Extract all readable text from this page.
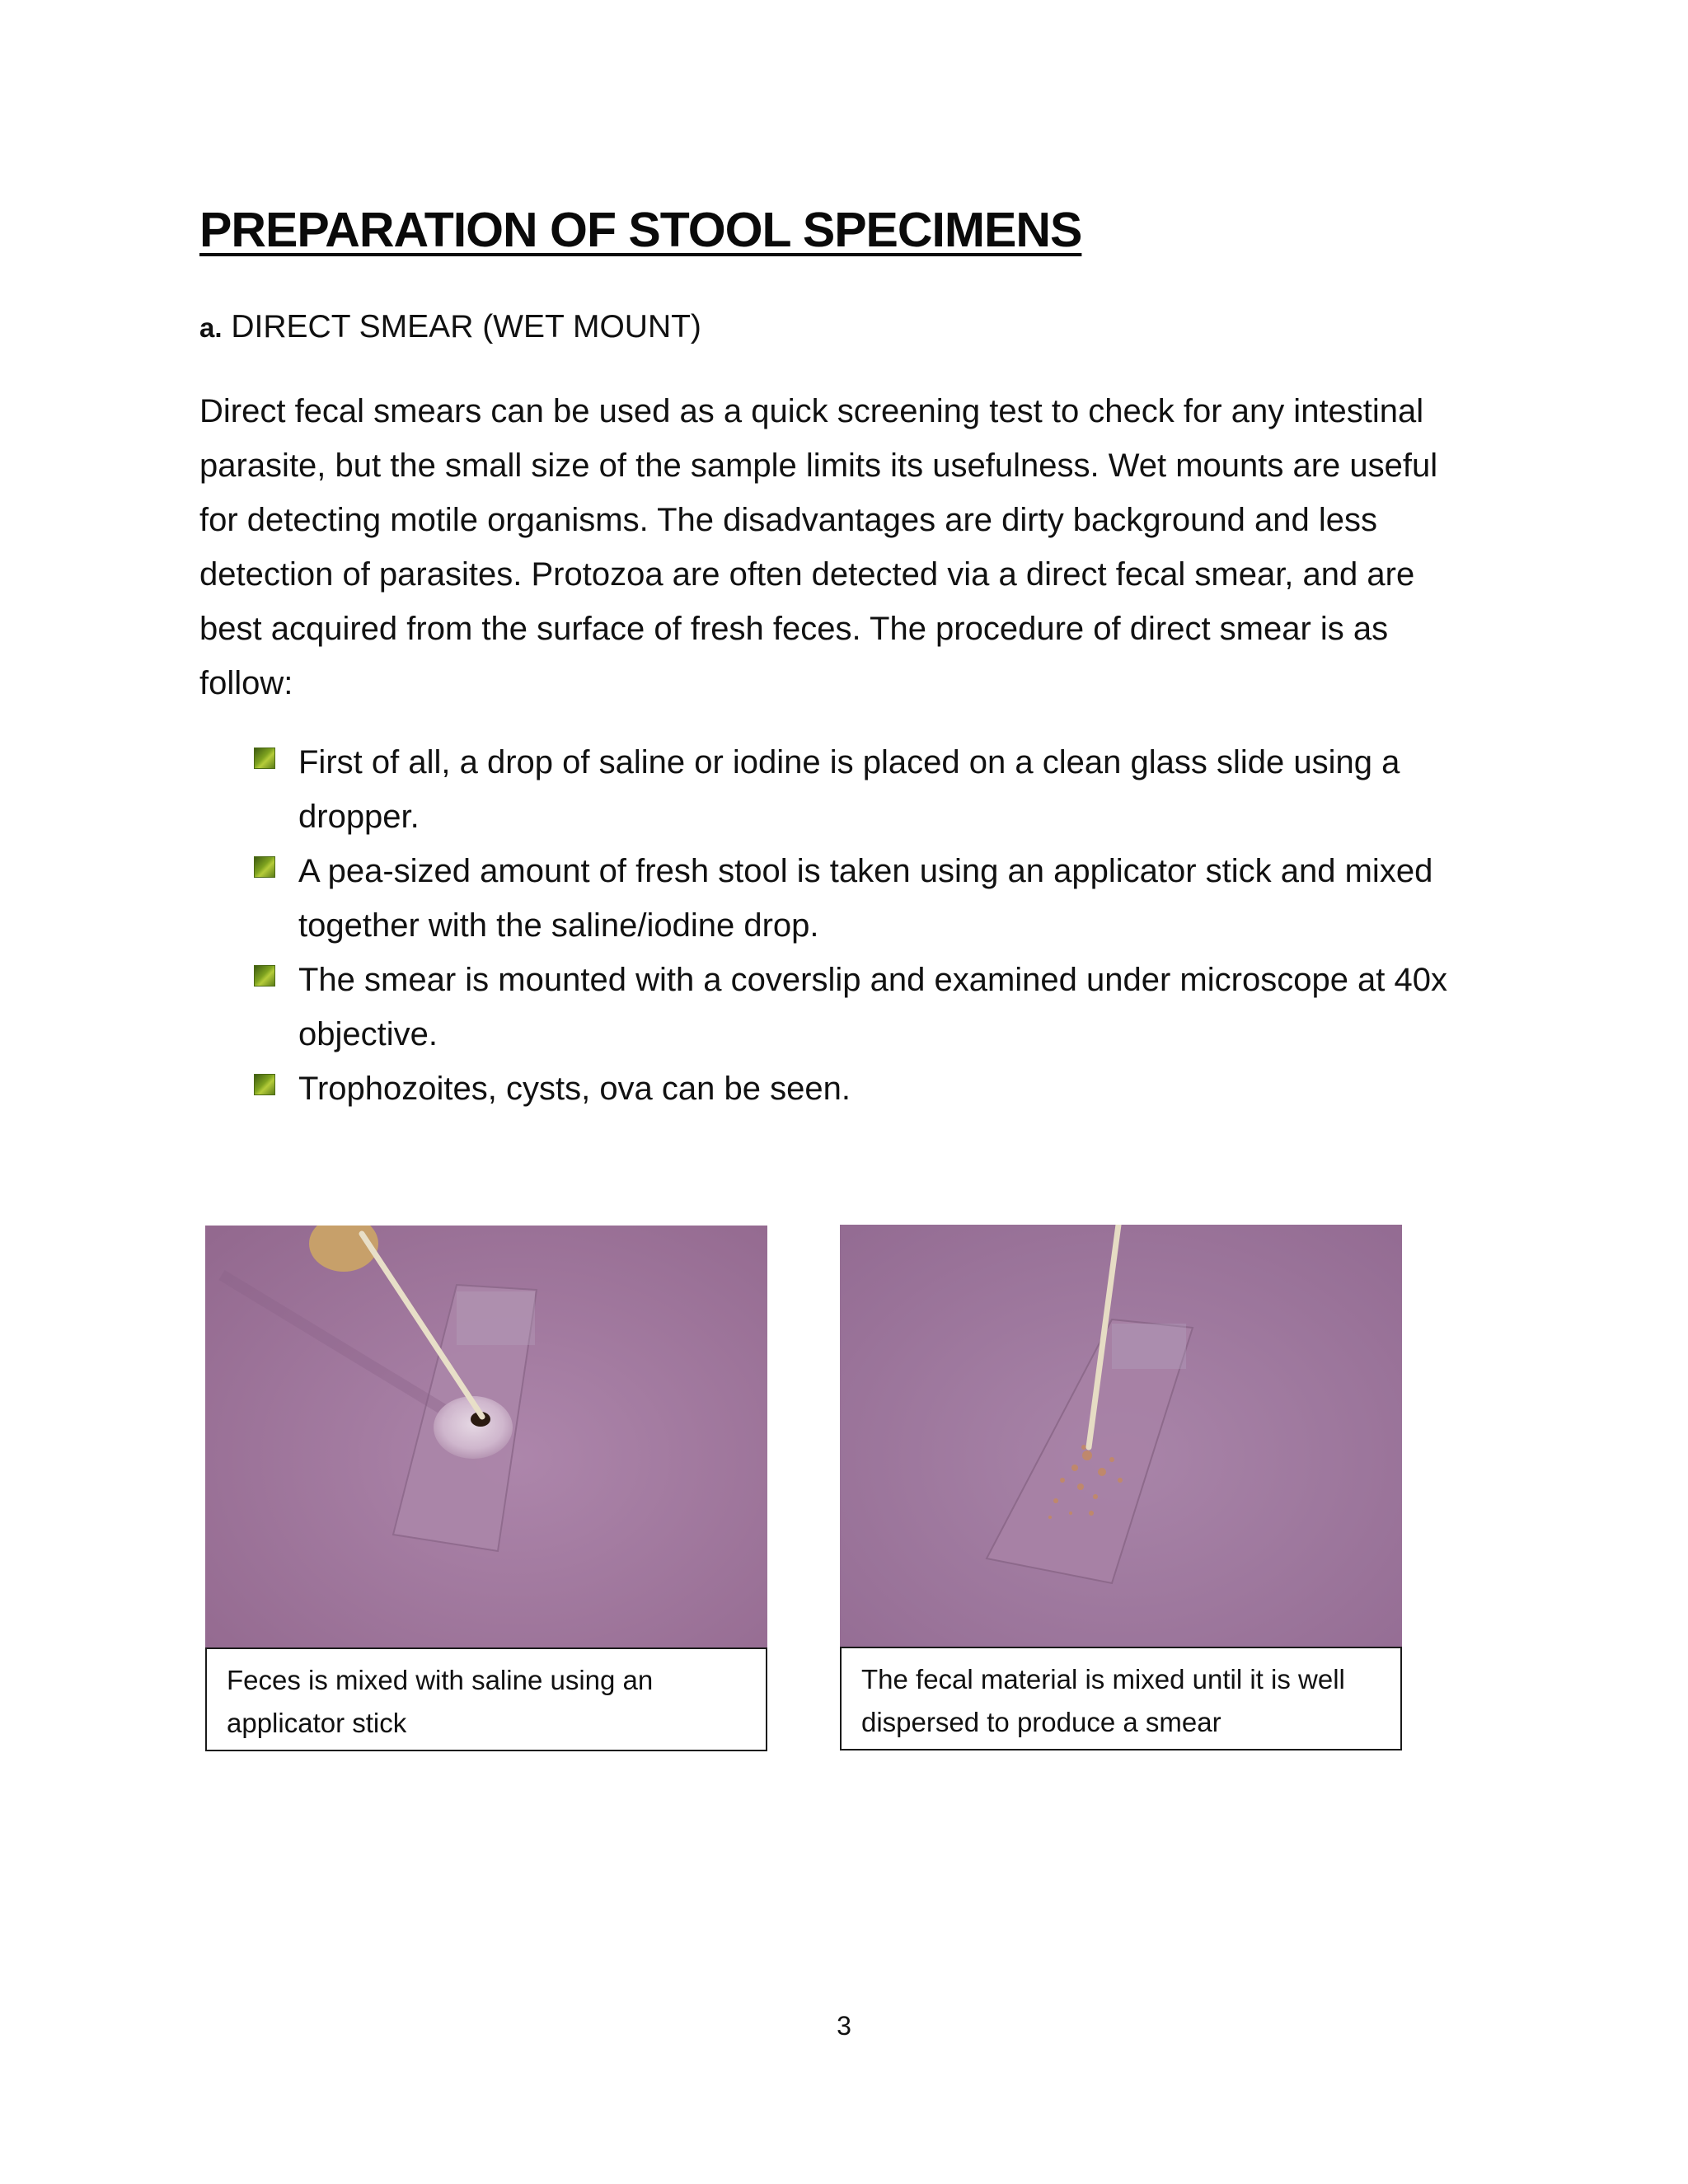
PREPARATION OF STOOL SPECIMENS
a. DIRECT SMEAR (WET MOUNT)

Direct fecal smears can be used as a quick screening test to check for any intestinal parasite, but the small size of the sample limits its usefulness. Wet mounts are useful for detecting motile organisms. The disadvantages are dirty background and less detection of parasites. Protozoa are often detected via a direct fecal smear, and are best acquired from the surface of fresh feces. The procedure of direct smear is as follow:

First of all, a drop of saline or iodine is placed on a clean glass slide using a dropper.
A pea-sized amount of fresh stool is taken using an applicator stick and mixed together with the saline/iodine drop.
The smear is mounted with a coverslip and examined under microscope at 40x objective.
Trophozoites, cysts, ova can be seen.
Feces is mixed with saline using an applicator stick
The fecal material is mixed until it is well dispersed to produce a smear
3
